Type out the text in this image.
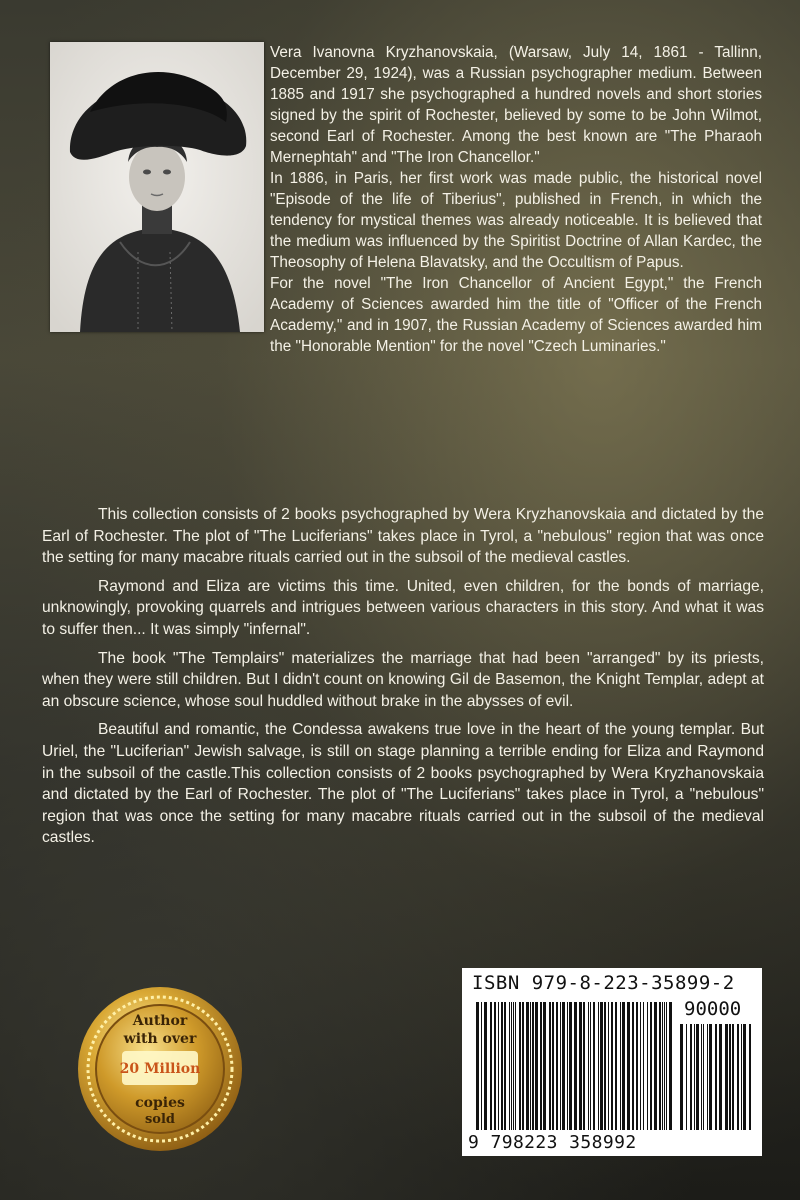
Vera Ivanovna Kryzhanovskaia, (Warsaw, July 14, 1861 - Tallinn, December 29, 1924), was a Russian psychographer medium. Between 1885 and 1917 she psychographed a hundred novels and short stories signed by the spirit of Rochester, believed by some to be John Wilmot, second Earl of Rochester. Among the best known are "The Pharaoh Mernephtah" and "The Iron Chancellor."

In 1886, in Paris, her first work was made public, the historical novel "Episode of the life of Tiberius", published in French, in which the tendency for mystical themes was already noticeable. It is believed that the medium was influenced by the Spiritist Doctrine of Allan Kardec, the Theosophy of Helena Blavatsky, and the Occultism of Papus.

For the novel "The Iron Chancellor of Ancient Egypt," the French Academy of Sciences awarded him the title of "Officer of the French Academy," and in 1907, the Russian Academy of Sciences awarded him the "Honorable Mention" for the novel "Czech Luminaries."

This collection consists of 2 books psychographed by Wera Kryzhanovskaia and dictated by the Earl of Rochester. The plot of "The Luciferians" takes place in Tyrol, a "nebulous" region that was once the setting for many macabre rituals carried out in the subsoil of the medieval castles.

Raymond and Eliza are victims this time. United, even children, for the bonds of marriage, unknowingly, provoking quarrels and intrigues between various characters in this story. And what it was to suffer then... It was simply "infernal".

The book "The Templairs" materializes the marriage that had been "arranged" by its priests, when they were still children. But I didn't count on knowing Gil de Basemon, the Knight Templar, adept at an obscure science, whose soul huddled without brake in the abysses of evil.

Beautiful and romantic, the Condessa awakens true love in the heart of the young templar. But Uriel, the "Luciferian" Jewish salvage, is still on stage planning a terrible ending for Eliza and Raymond in the subsoil of the castle.This collection consists of 2 books psychographed by Wera Kryzhanovskaia and dictated by the Earl of Rochester. The plot of "The Luciferians" takes place in Tyrol, a "nebulous" region that was once the setting for many macabre rituals carried out in the subsoil of the medieval castles.

Author
with over
20 Million
copies
sold
ISBN 979-8-223-35899-2
90000
9 798223 358992
